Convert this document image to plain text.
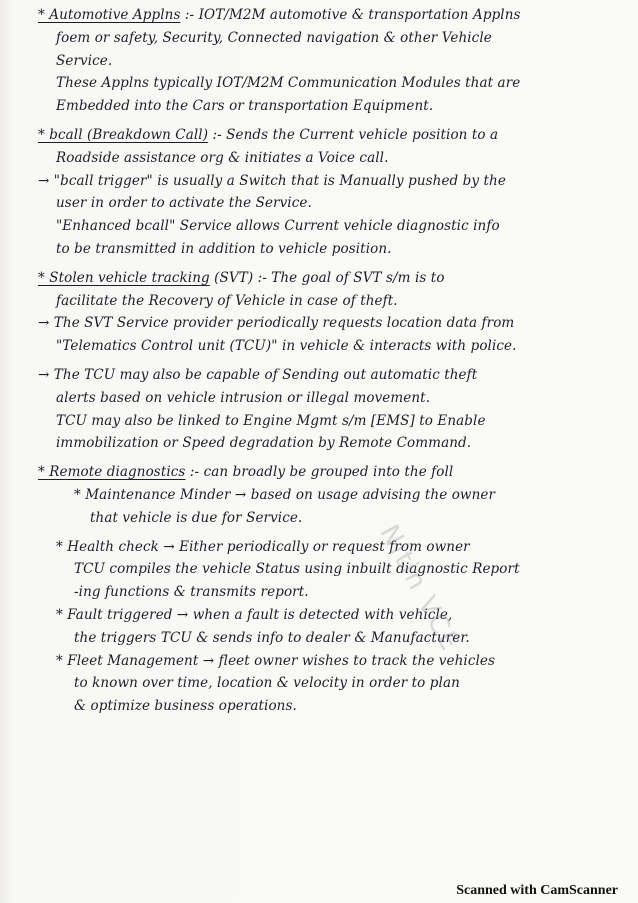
* Automotive Applns :- IOT/M2M automotive & transportation Applns
foem or safety, Security, Connected navigation & other Vehicle
Service.
These Applns typically IOT/M2M Communication Modules that are
Embedded into the Cars or transportation Equipment.
* bcall (Breakdown Call) :- Sends the Current vehicle position to a
Roadside assistance org & initiates a Voice call.
→ "bcall trigger" is usually a Switch that is Manually pushed by the
user in order to activate the Service.
"Enhanced bcall" Service allows Current vehicle diagnostic info
to be transmitted in addition to vehicle position.
* Stolen vehicle tracking (SVT) :- The goal of SVT s/m is to
facilitate the Recovery of Vehicle in case of theft.
→ The SVT Service provider periodically requests location data from
"Telematics Control unit (TCU)" in vehicle & interacts with police.
→ The TCU may also be capable of Sending out automatic theft
alerts based on vehicle intrusion or illegal movement.
TCU may also be linked to Engine Mgmt s/m [EMS] to Enable
immobilization or Speed degradation by Remote Command.
* Remote diagnostics :- can broadly be grouped into the foll
* Maintenance Minder → based on usage advising the owner
that vehicle is due for Service.
* Health check → Either periodically or request from owner
TCU compiles the vehicle Status using inbuilt diagnostic Report
-ing functions & transmits report.
* Fault triggered → when a fault is detected with vehicle,
the triggers TCU & sends info to dealer & Manufacturer.
* Fleet Management → fleet owner wishes to track the vehicles
to known over time, location & velocity in order to plan
& optimize business operations.
Nitin VCE
Scanned with CamScanner
